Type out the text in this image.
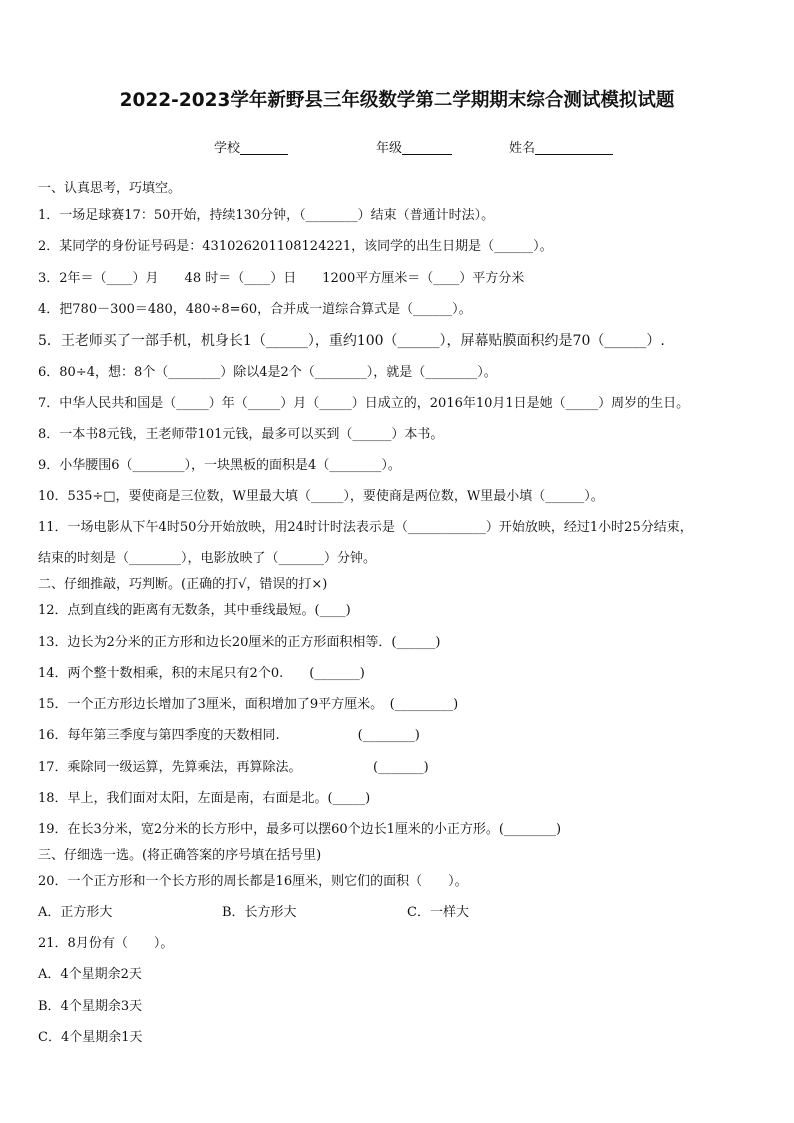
2022-2023学年新野县三年级数学第二学期期末综合测试模拟试题
学校	年级	姓名
一、认真思考，巧填空。
1．一场足球赛17：50开始，持续130分钟，（________）结束（普通计时法）。
2．某同学的身份证号码是：431026201108124221，该同学的出生日期是（______）。
3．2年＝（____）月　　48 时＝（____）日　　1200平方厘米＝（____）平方分米
4．把780－300＝480，480÷8=60，合并成一道综合算式是（______）。
5．王老师买了一部手机，机身长1（______），重约100（______），屏幕贴膜面积约是70（______）.
6．80÷4，想：8个（________）除以4是2个（________），就是（________）。
7．中华人民共和国是（_____）年（_____）月（_____）日成立的，2016年10月1日是她（_____）周岁的生日。
8．一本书8元钱，王老师带101元钱，最多可以买到（______）本书。
9．小华腰围6（________），一块黑板的面积是4（________）。
10．535÷□，要使商是三位数，W里最大填（_____），要使商是两位数，W里最小填（______）。
11．一场电影从下午4时50分开始放映，用24时计时法表示是（____________）开始放映，经过1小时25分结束，
结束的时刻是（________），电影放映了（_______）分钟。
二、仔细推敲，巧判断。(正确的打√，错误的打×)
12．点到直线的距离有无数条，其中垂线最短。(____)
13．边长为2分米的正方形和边长20厘米的正方形面积相等．(______)
14．两个整十数相乘，积的末尾只有2个0.　　(_______)
15．一个正方形边长增加了3厘米，面积增加了9平方厘米。　(_________)
16．每年第三季度与第四季度的天数相同.　　　　　　(________)
17．乘除同一级运算，先算乘法，再算除法。　　　　　　(_______)
18．早上，我们面对太阳，左面是南，右面是北。(_____)
19．在长3分米，宽2分米的长方形中，最多可以摆60个边长1厘米的小正方形。(________)
三、仔细选一选。(将正确答案的序号填在括号里)
20．一个正方形和一个长方形的周长都是16厘米，则它们的面积（　　）。
A．正方形大	B．长方形大	C．一样大
21．8月份有（　　）。
A．4个星期余2天
B．4个星期余3天
C．4个星期余1天
